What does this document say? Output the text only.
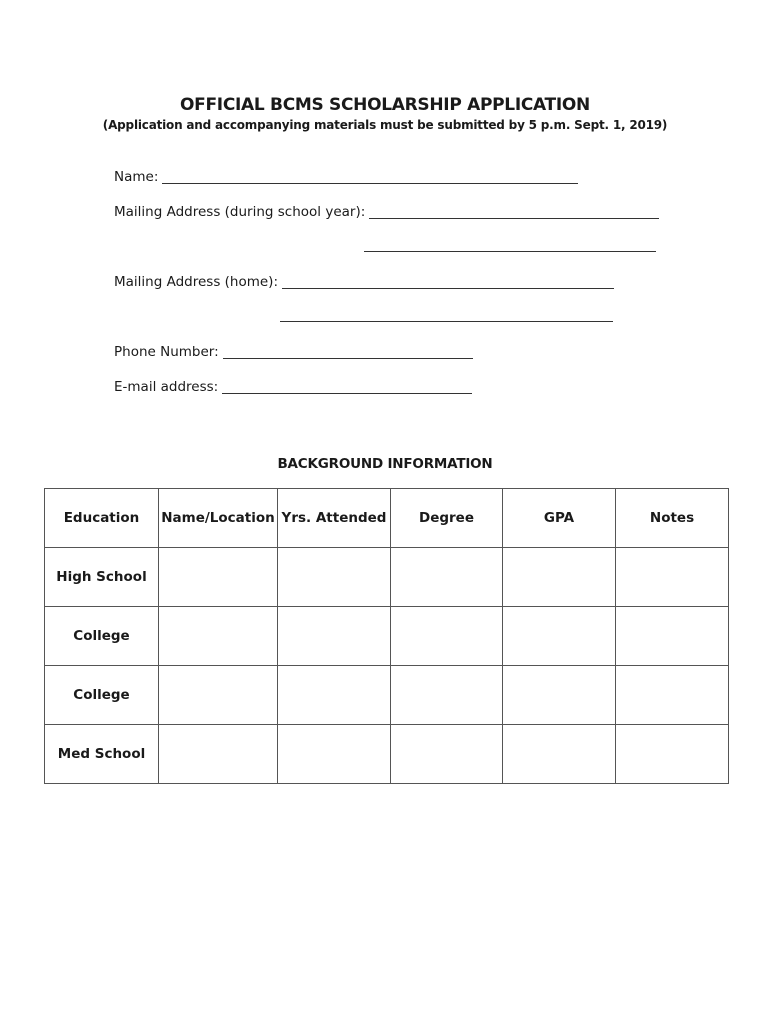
OFFICIAL BCMS SCHOLARSHIP APPLICATION
(Application and accompanying materials must be submitted by 5 p.m. Sept. 1, 2019)
Name:
Mailing Address (during school year):
Mailing Address (home):
Phone Number:
E-mail address:
BACKGROUND INFORMATION
Education	Name/Location	Yrs. Attended	Degree	GPA	Notes
High School					
College					
College					
Med School					
